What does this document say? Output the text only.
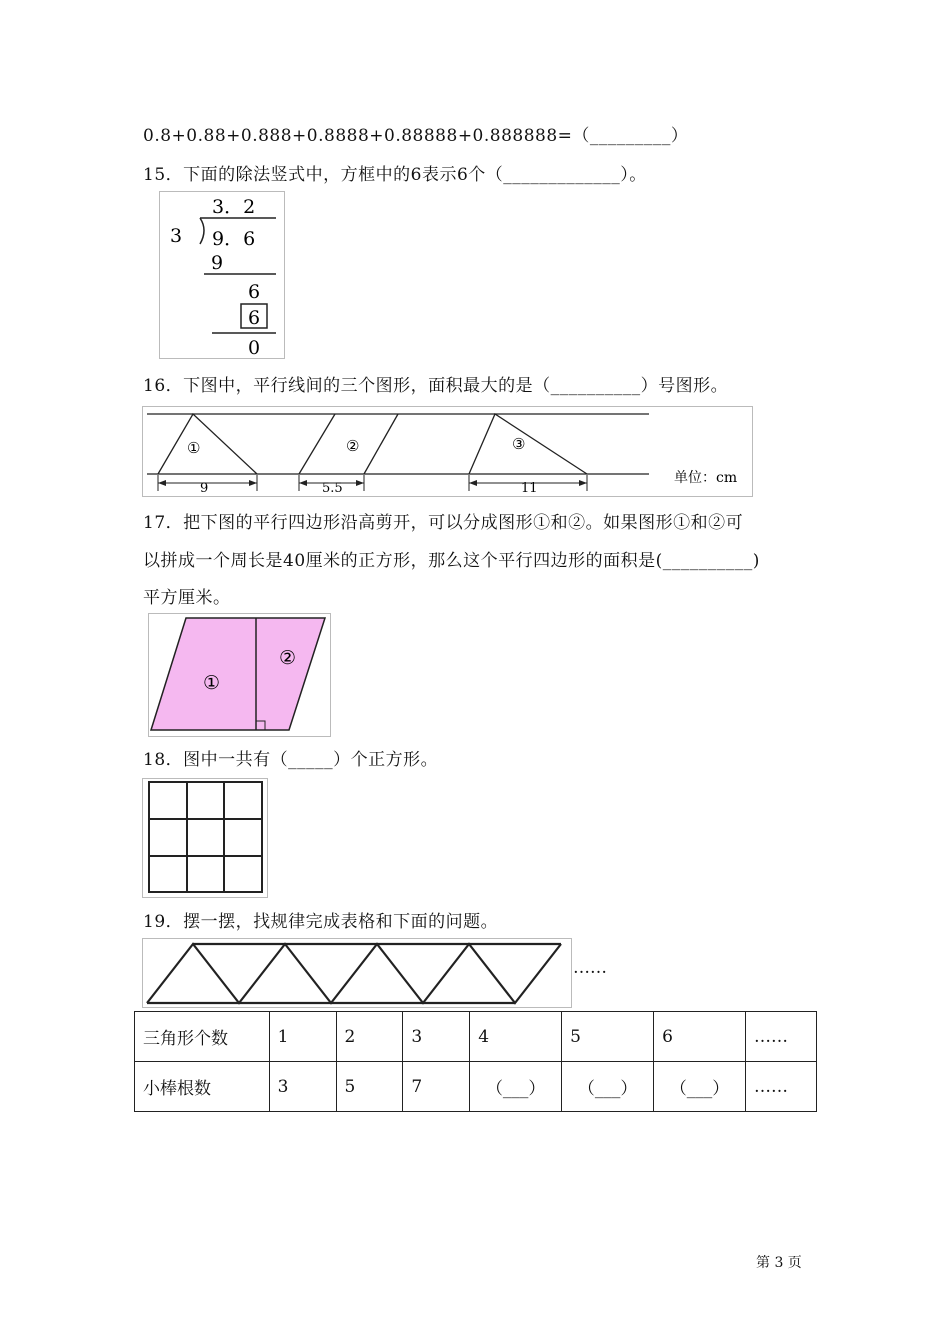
0.8+0.88+0.888+0.8888+0.88888+0.888888=（_________）
15．下面的除法竖式中，方框中的6表示6个（_____________）。
3．2
3 9．6
9
6
6
0
16．下图中，平行线间的三个图形，面积最大的是（__________）号图形。
①	②	③
9	5.5	11
单位：cm
17．把下图的平行四边形沿高剪开，可以分成图形①和②。如果图形①和②可
以拼成一个周长是40厘米的正方形，那么这个平行四边形的面积是(__________)
平方厘米。
①
②
18．图中一共有（_____）个正方形。
19．摆一摆，找规律完成表格和下面的问题。
……
三角形个数	1	2	3	4	5	6	……
小棒根数	3	5	7	（___）	（___）	（___）	……
第 3 页
